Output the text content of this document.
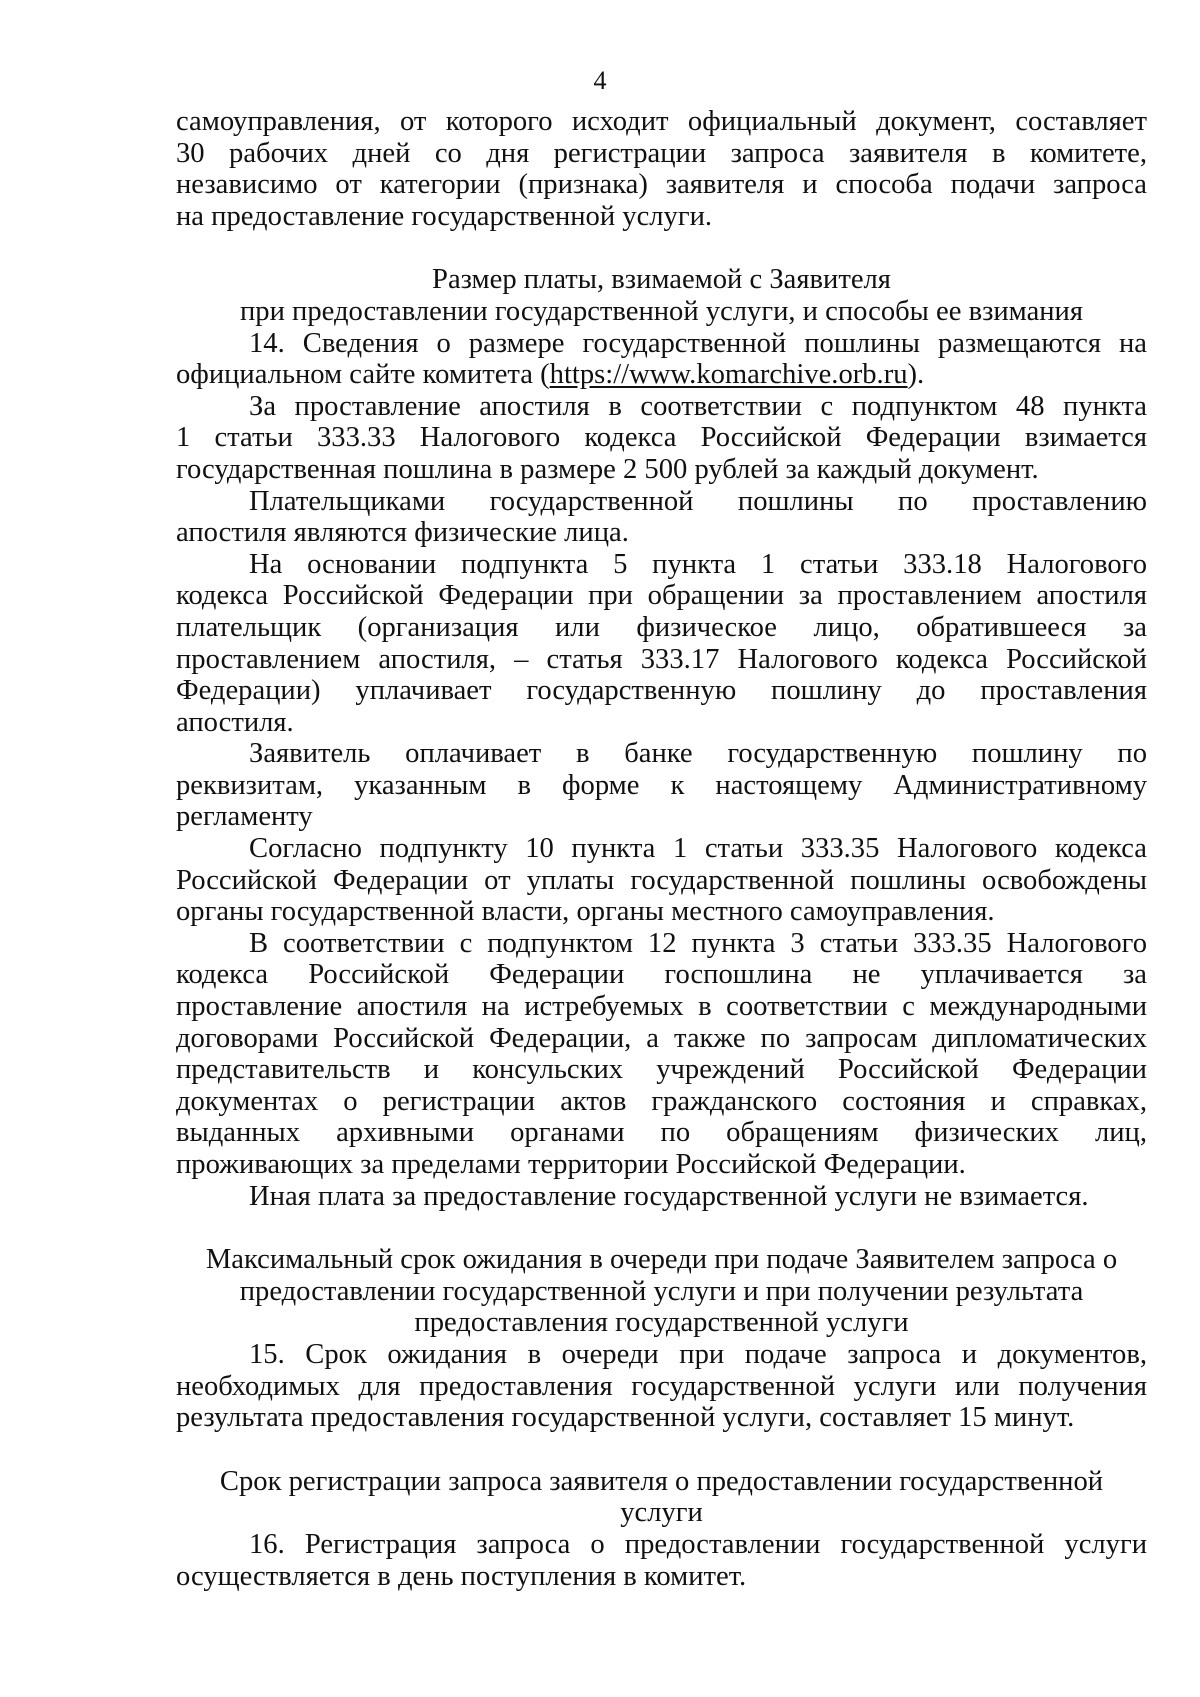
4

самоуправления, от которого исходит официальный документ, составляет
30 рабочих дней со дня регистрации запроса заявителя в комитете,
независимо от категории (признака) заявителя и способа подачи запроса
на предоставление государственной услуги.

Размер платы, взимаемой с Заявителя
при предоставлении государственной услуги, и способы ее взимания

14. Сведения о размере государственной пошлины размещаются на
официальном сайте комитета (https://www.komarchive.orb.ru).

За проставление апостиля в соответствии с подпунктом 48 пункта
1 статьи 333.33 Налогового кодекса Российской Федерации взимается
государственная пошлина в размере 2 500 рублей за каждый документ.

Плательщиками государственной пошлины по проставлению
апостиля являются физические лица.

На основании подпункта 5 пункта 1 статьи 333.18 Налогового
кодекса Российской Федерации при обращении за проставлением апостиля
плательщик (организация или физическое лицо, обратившееся за
проставлением апостиля, – статья 333.17 Налогового кодекса Российской
Федерации) уплачивает государственную пошлину до проставления
апостиля.

Заявитель оплачивает в банке государственную пошлину по
реквизитам, указанным в форме к настоящему Административному
регламенту

Согласно подпункту 10 пункта 1 статьи 333.35 Налогового кодекса
Российской Федерации от уплаты государственной пошлины освобождены
органы государственной власти, органы местного самоуправления.

В соответствии с подпунктом 12 пункта 3 статьи 333.35 Налогового
кодекса Российской Федерации госпошлина не уплачивается за
проставление апостиля на истребуемых в соответствии с международными
договорами Российской Федерации, а также по запросам дипломатических
представительств и консульских учреждений Российской Федерации
документах о регистрации актов гражданского состояния и справках,
выданных архивными органами по обращениям физических лиц,
проживающих за пределами территории Российской Федерации.

Иная плата за предоставление государственной услуги не взимается.

Максимальный срок ожидания в очереди при подаче Заявителем запроса о
предоставлении государственной услуги и при получении результата
предоставления государственной услуги

15. Срок ожидания в очереди при подаче запроса и документов,
необходимых для предоставления государственной услуги или получения
результата предоставления государственной услуги, составляет 15 минут.

Срок регистрации запроса заявителя о предоставлении государственной
услуги

16. Регистрация запроса о предоставлении государственной услуги
осуществляется в день поступления в комитет.
